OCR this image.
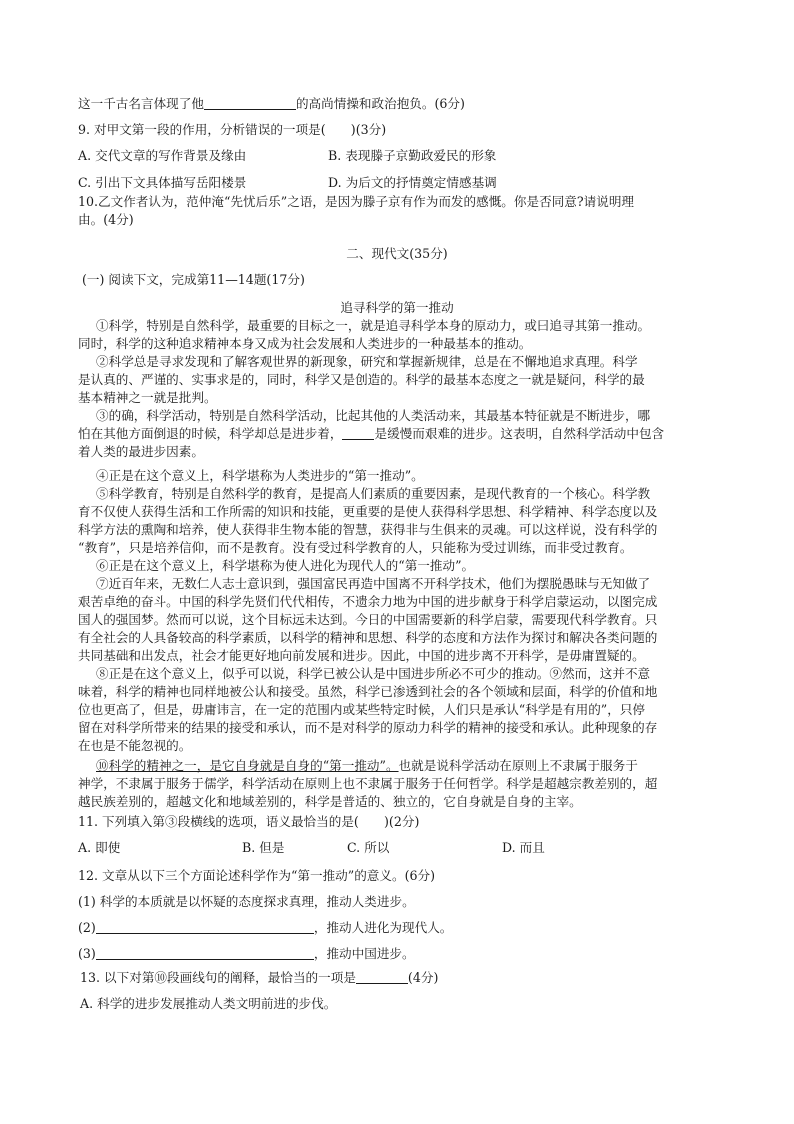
这一千古名言体现了他	的高尚情操和政治抱负。(6分)
9. 对甲文第一段的作用，分析错误的一项是(　　)(3分)
A. 交代文章的写作背景及缘由	B. 表现滕子京勤政爱民的形象
C. 引出下文具体描写岳阳楼景	D. 为后文的抒情奠定情感基调
10.乙文作者认为，范仲淹“先忧后乐”之语，是因为滕子京有作为而发的感慨。你是否同意?请说明理
由。(4分)
二、现代文(35分)
(一) 阅读下文，完成第11—14题(17分)
追寻科学的第一推动
①科学，特别是自然科学，最重要的目标之一，就是追寻科学本身的原动力，或曰追寻其第一推动。
同时，科学的这种追求精神本身又成为社会发展和人类进步的一种最基本的推动。
②科学总是寻求发现和了解客观世界的新现象，研究和掌握新规律，总是在不懈地追求真理。科学
是认真的、严谨的、实事求是的，同时，科学又是创造的。科学的最基本态度之一就是疑问，科学的最
基本精神之一就是批判。
③的确，科学活动，特别是自然科学活动，比起其他的人类活动来，其最基本特征就是不断进步，哪
怕在其他方面倒退的时候，科学却总是进步着，	是缓慢而艰难的进步。这表明，自然科学活动中包含
着人类的最进步因素。
④正是在这个意义上，科学堪称为人类进步的“第一推动”。
⑤科学教育，特别是自然科学的教育，是提高人们素质的重要因素，是现代教育的一个核心。科学教
育不仅使人获得生活和工作所需的知识和技能，更重要的是使人获得科学思想、科学精神、科学态度以及
科学方法的熏陶和培养，使人获得非生物本能的智慧，获得非与生俱来的灵魂。可以这样说，没有科学的
“教育”，只是培养信仰，而不是教育。没有受过科学教育的人，只能称为受过训练，而非受过教育。
⑥正是在这个意义上，科学堪称为使人进化为现代人的“第一推动”。
⑦近百年来，无数仁人志士意识到，强国富民再造中国离不开科学技术，他们为摆脱愚昧与无知做了
艰苦卓绝的奋斗。中国的科学先贤们代代相传，不遗余力地为中国的进步献身于科学启蒙运动，以图完成
国人的强国梦。然而可以说，这个目标远未达到。今日的中国需要新的科学启蒙，需要现代科学教育。只
有全社会的人具备较高的科学素质，以科学的精神和思想、科学的态度和方法作为探讨和解决各类问题的
共同基础和出发点，社会才能更好地向前发展和进步。因此，中国的进步离不开科学，是毋庸置疑的。
⑧正是在这个意义上，似乎可以说，科学已被公认是中国进步所必不可少的推动。⑨然而，这并不意
味着，科学的精神也同样地被公认和接受。虽然，科学已渗透到社会的各个领域和层面，科学的价值和地
位也更高了，但是，毋庸讳言，在一定的范围内或某些特定时候，人们只是承认“科学是有用的”，只停
留在对科学所带来的结果的接受和承认，而不是对科学的原动力科学的精神的接受和承认。此种现象的存
在也是不能忽视的。
⑩科学的精神之一，是它自身就是自身的“第一推动”。也就是说科学活动在原则上不隶属于服务于
神学，不隶属于服务于儒学，科学活动在原则上也不隶属于服务于任何哲学。科学是超越宗教差别的，超
越民族差别的，超越文化和地域差别的，科学是普适的、独立的，它自身就是自身的主宰。
11. 下列填入第③段横线的选项，语义最恰当的是(　　)(2分)
A. 即使	B. 但是	C. 所以	D. 而且
12. 文章从以下三个方面论述科学作为“第一推动”的意义。(6分)
(1) 科学的本质就是以怀疑的态度探求真理，推动人类进步。
(2)	，推动人进化为现代人。
(3)	，推动中国进步。
13. 以下对第⑩段画线句的阐释，最恰当的一项是	(4分)
A. 科学的进步发展推动人类文明前进的步伐。
